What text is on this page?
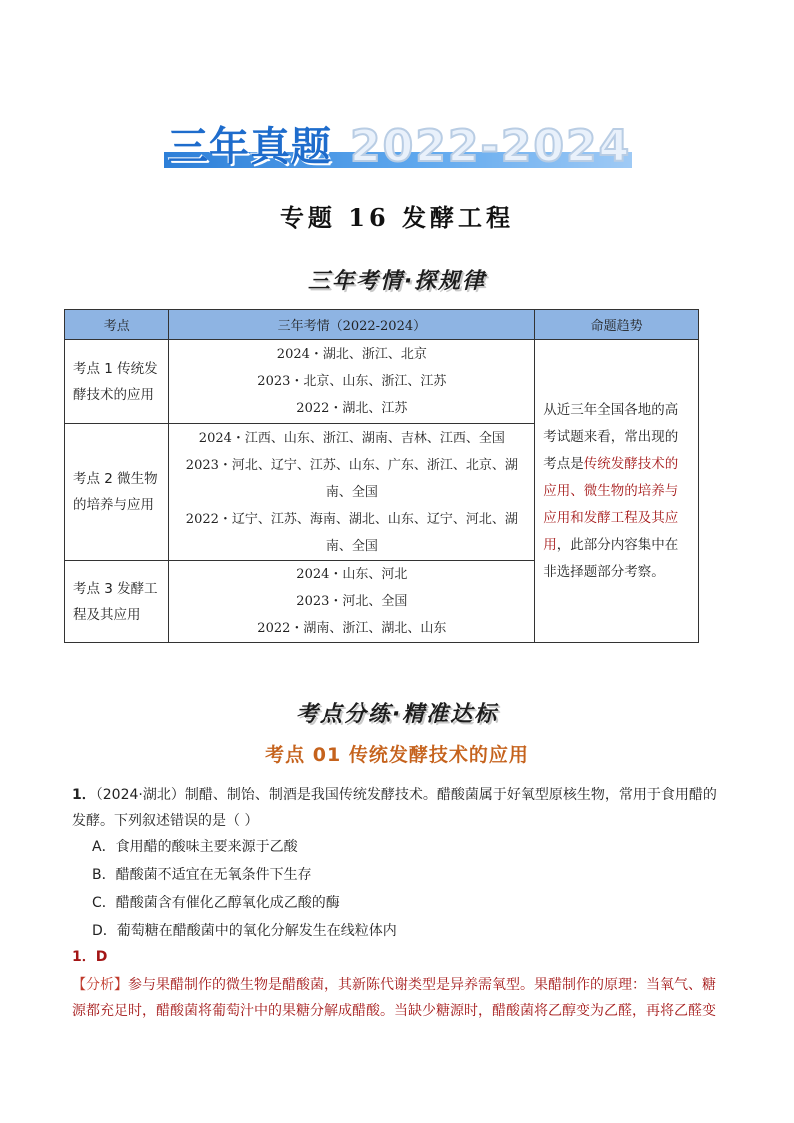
三年真题 2022-2024
专题 16 发酵工程
三年考情·探规律
考点	三年考情（2022-2024）	命题趋势
考点 1 传统发酵技术的应用	2024・湖北、浙江、北京
2023・北京、山东、浙江、江苏
2022・湖北、江苏	从近三年全国各地的高考试题来看，常出现的考点是传统发酵技术的应用、微生物的培养与应用和发酵工程及其应用，此部分内容集中在非选择题部分考察。
考点 2 微生物的培养与应用	2024・江西、山东、浙江、湖南、吉林、江西、全国
2023・河北、辽宁、江苏、山东、广东、浙江、北京、湖南、全国
2022・辽宁、江苏、海南、湖北、山东、辽宁、河北、湖南、全国	

考点 3 发酵工程及其应用	2024・山东、河北
2023・河北、全国
2022・湖南、浙江、湖北、山东	
考点分练·精准达标
考点 01 传统发酵技术的应用
1．（2024·湖北）制醋、制饴、制酒是我国传统发酵技术。醋酸菌属于好氧型原核生物，常用于食用醋的发酵。下列叙述错误的是（ ）
A．食用醋的酸味主要来源于乙酸
B．醋酸菌不适宜在无氧条件下生存
C．醋酸菌含有催化乙醇氧化成乙酸的酶
D．葡萄糖在醋酸菌中的氧化分解发生在线粒体内
1．D
【分析】参与果醋制作的微生物是醋酸菌，其新陈代谢类型是异养需氧型。果醋制作的原理：当氧气、糖源都充足时，醋酸菌将葡萄汁中的果糖分解成醋酸。当缺少糖源时，醋酸菌将乙醇变为乙醛，再将乙醛变
